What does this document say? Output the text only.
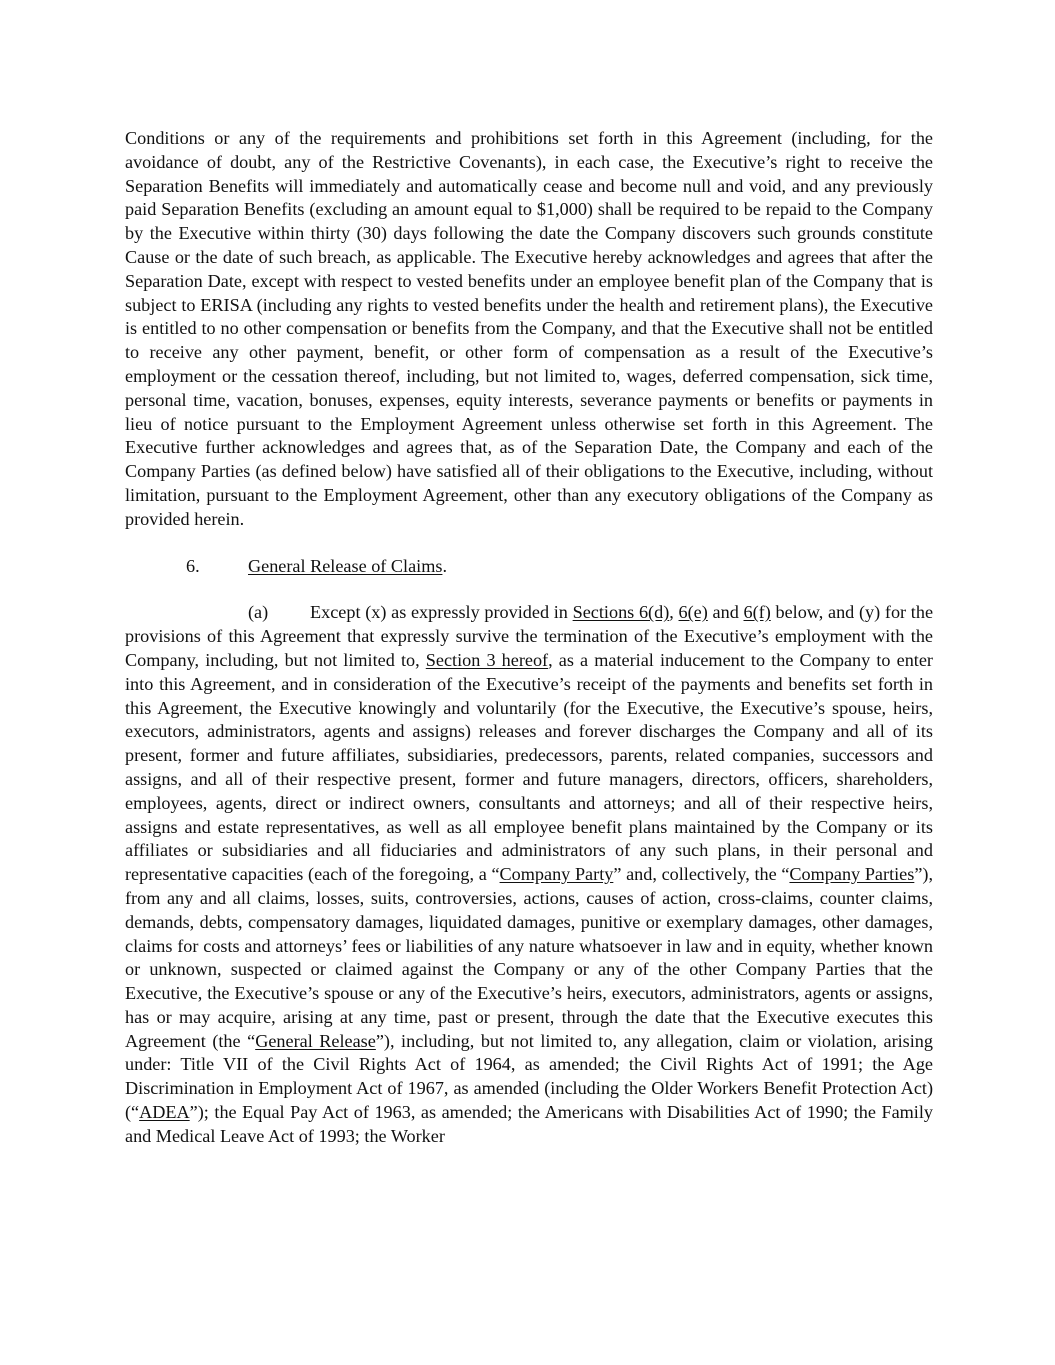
Conditions or any of the requirements and prohibitions set forth in this Agreement (including, for the avoidance of doubt, any of the Restrictive Covenants), in each case, the Executive’s right to receive the Separation Benefits will immediately and automatically cease and become null and void, and any previously paid Separation Benefits (excluding an amount equal to $1,000) shall be required to be repaid to the Company by the Executive within thirty (30) days following the date the Company discovers such grounds constitute Cause or the date of such breach, as applicable. The Executive hereby acknowledges and agrees that after the Separation Date, except with respect to vested benefits under an employee benefit plan of the Company that is subject to ERISA (including any rights to vested benefits under the health and retirement plans), the Executive is entitled to no other compensation or benefits from the Company, and that the Executive shall not be entitled to receive any other payment, benefit, or other form of compensation as a result of the Executive’s employment or the cessation thereof, including, but not limited to, wages, deferred compensation, sick time, personal time, vacation, bonuses, expenses, equity interests, severance payments or benefits or payments in lieu of notice pursuant to the Employment Agreement unless otherwise set forth in this Agreement. The Executive further acknowledges and agrees that, as of the Separation Date, the Company and each of the Company Parties (as defined below) have satisfied all of their obligations to the Executive, including, without limitation, pursuant to the Employment Agreement, other than any executory obligations of the Company as provided herein.

6.	General Release of Claims.

(a) Except (x) as expressly provided in Sections 6(d), 6(e) and 6(f) below, and (y) for the provisions of this Agreement that expressly survive the termination of the Executive’s employment with the Company, including, but not limited to, Section 3 hereof, as a material inducement to the Company to enter into this Agreement, and in consideration of the Executive’s receipt of the payments and benefits set forth in this Agreement, the Executive knowingly and voluntarily (for the Executive, the Executive’s spouse, heirs, executors, administrators, agents and assigns) releases and forever discharges the Company and all of its present, former and future affiliates, subsidiaries, predecessors, parents, related companies, successors and assigns, and all of their respective present, former and future managers, directors, officers, shareholders, employees, agents, direct or indirect owners, consultants and attorneys; and all of their respective heirs, assigns and estate representatives, as well as all employee benefit plans maintained by the Company or its affiliates or subsidiaries and all fiduciaries and administrators of any such plans, in their personal and representative capacities (each of the foregoing, a “Company Party” and, collectively, the “Company Parties”), from any and all claims, losses, suits, controversies, actions, causes of action, cross-claims, counter claims, demands, debts, compensatory damages, liquidated damages, punitive or exemplary damages, other damages, claims for costs and attorneys’ fees or liabilities of any nature whatsoever in law and in equity, whether known or unknown, suspected or claimed against the Company or any of the other Company Parties that the Executive, the Executive’s spouse or any of the Executive’s heirs, executors, administrators, agents or assigns, has or may acquire, arising at any time, past or present, through the date that the Executive executes this Agreement (the “General Release”), including, but not limited to, any allegation, claim or violation, arising under: Title VII of the Civil Rights Act of 1964, as amended; the Civil Rights Act of 1991; the Age Discrimination in Employment Act of 1967, as amended (including the Older Workers Benefit Protection Act) (“ADEA”); the Equal Pay Act of 1963, as amended; the Americans with Disabilities Act of 1990; the Family and Medical Leave Act of 1993; the Worker
